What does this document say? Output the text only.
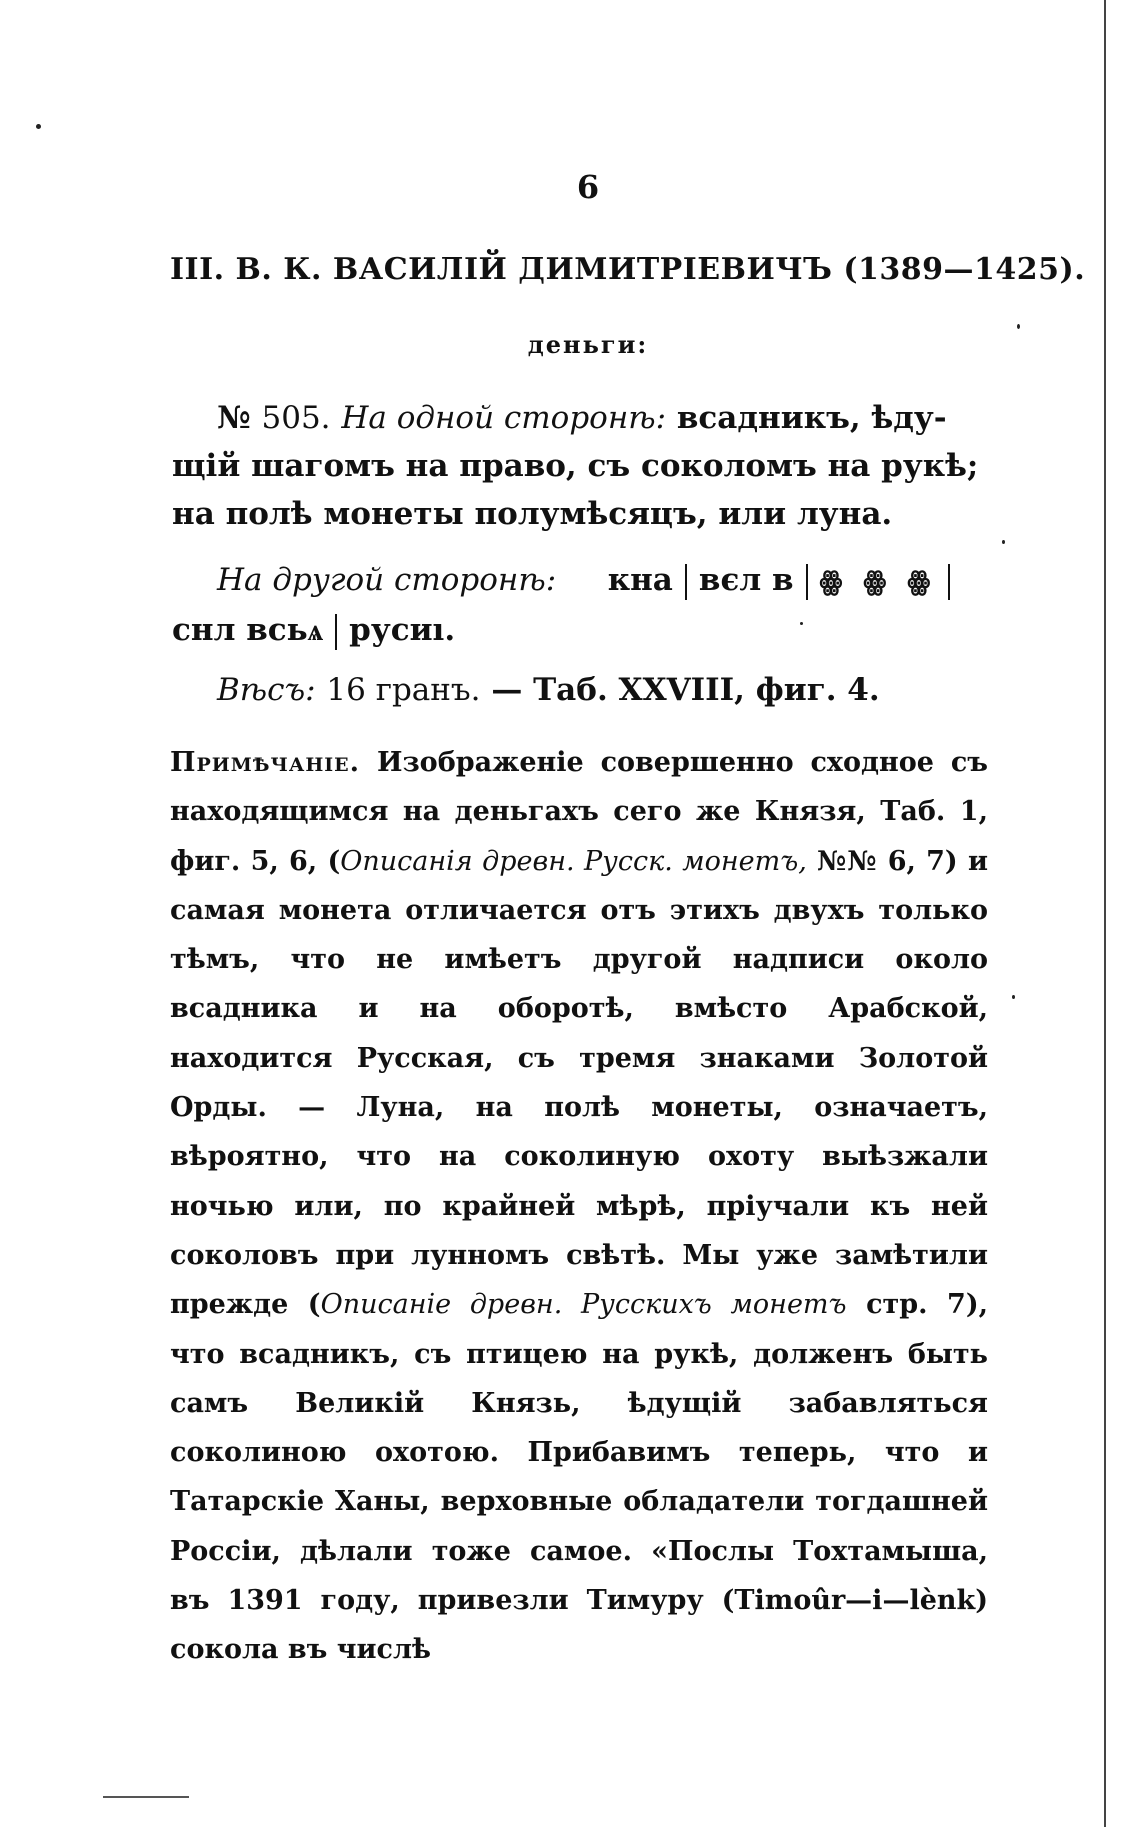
6
III. В. К. ВАСИЛІЙ ДИМИТРІЕВИЧЪ (1389—1425).
деньги:
№ 505. На одной сторонѣ: всадникъ, ѣду-
щій шагомъ на право, съ соколомъ на рукѣ;
на полѣ монеты полумѣсяцъ, или луна.
На другой сторонѣ: кна вєл в ꙮ ꙮ ꙮ
снл всьѧ русиı.
Вѣсъ: 16 гранъ. — Таб. XXVIII, фиг. 4.
Примѣчаніе. Изображеніе совершенно сходное съ находящимся на деньгахъ сего же Князя, Таб. 1, фиг. 5, 6, (Описанія древн. Русск. монетъ, №№ 6, 7) и самая монета отличается отъ этихъ двухъ только тѣмъ, что не имѣетъ другой надписи около всадника и на оборотѣ, вмѣсто Арабской, находится Русская, съ тремя знаками Золотой Орды. — Луна, на полѣ монеты, означаетъ, вѣроятно, что на соколиную охоту выѣзжали ночью или, по крайней мѣрѣ, пріучали къ ней соколовъ при лунномъ свѣтѣ. Мы уже замѣтили прежде (Описаніе древн. Русскихъ монетъ стр. 7), что всадникъ, съ птицею на рукѣ, долженъ быть самъ Великій Князь, ѣдущій забавляться соколиною охотою. Прибавимъ теперь, что и Татарскіе Ханы, верховные обладатели тогдашней Россіи, дѣлали тоже самое. «Послы Тохтамыша, въ 1391 году, привезли Тимуру (Timoûr—i—lènk) сокола въ числѣ
